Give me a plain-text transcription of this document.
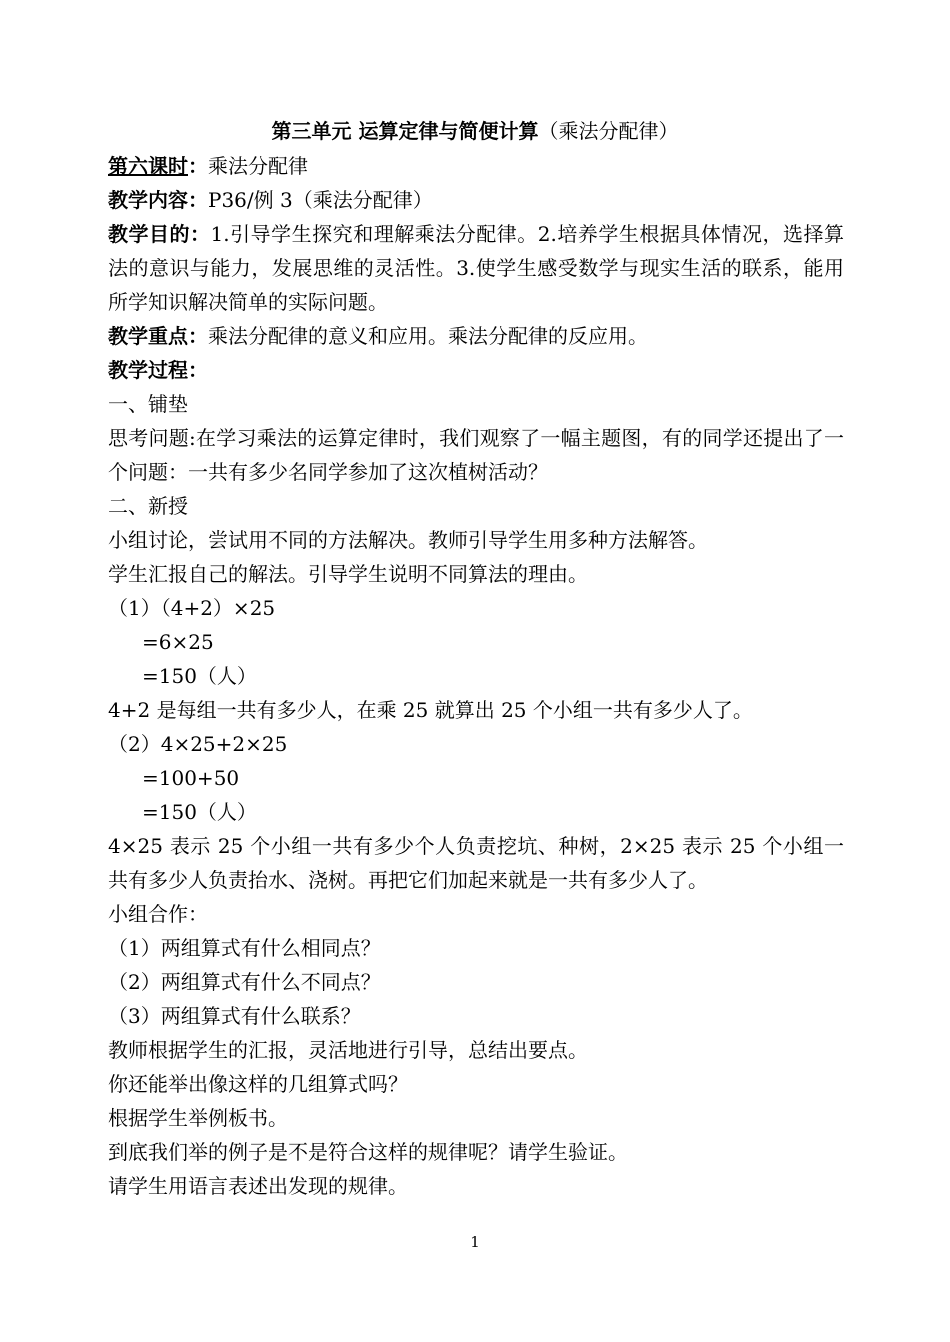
第三单元 运算定律与简便计算（乘法分配律）
第六课时：乘法分配律
教学内容：P36/例 3（乘法分配律）
教学目的：1.引导学生探究和理解乘法分配律。2.培养学生根据具体情况，选择算法的意识与能力，发展思维的灵活性。3.使学生感受数学与现实生活的联系，能用所学知识解决简单的实际问题。
教学重点：乘法分配律的意义和应用。乘法分配律的反应用。
教学过程：
一、铺垫
思考问题:在学习乘法的运算定律时，我们观察了一幅主题图，有的同学还提出了一个问题：一共有多少名同学参加了这次植树活动？
二、新授
小组讨论，尝试用不同的方法解决。教师引导学生用多种方法解答。
学生汇报自己的解法。引导学生说明不同算法的理由。
（1）（4+2）×25
=6×25
=150（人）
4+2 是每组一共有多少人，在乘 25 就算出 25 个小组一共有多少人了。
（2）4×25+2×25
=100+50
=150（人）
4×25 表示 25 个小组一共有多少个人负责挖坑、种树，2×25 表示 25 个小组一共有多少人负责抬水、浇树。再把它们加起来就是一共有多少人了。
小组合作：
（1）两组算式有什么相同点？
（2）两组算式有什么不同点？
（3）两组算式有什么联系？
教师根据学生的汇报，灵活地进行引导，总结出要点。
你还能举出像这样的几组算式吗？
根据学生举例板书。
到底我们举的例子是不是符合这样的规律呢？请学生验证。
请学生用语言表述出发现的规律。
1
